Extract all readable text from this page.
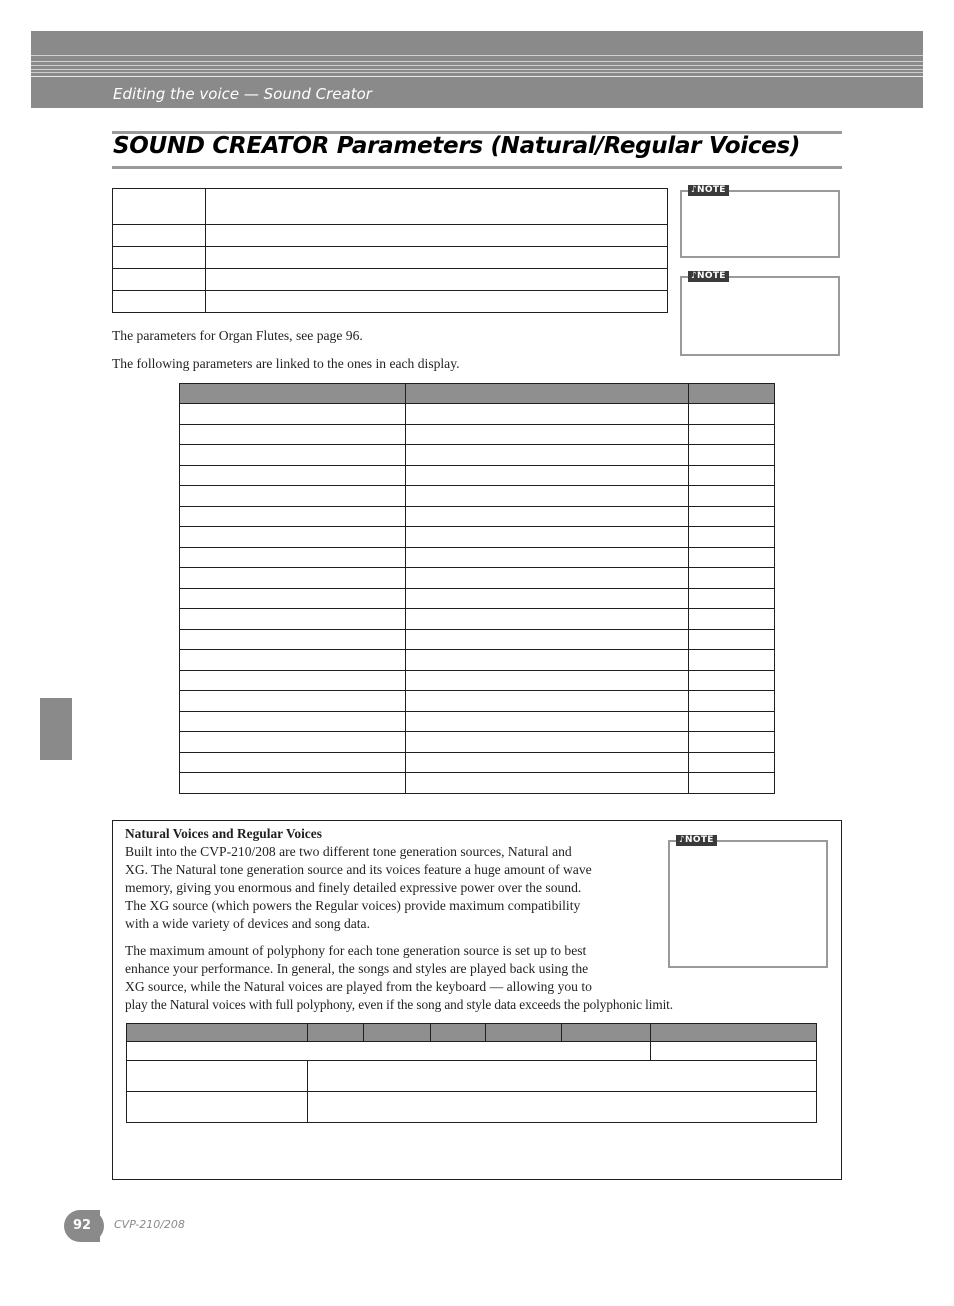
Editing the voice — Sound Creator
SOUND CREATOR Parameters (Natural/Regular Voices)

♪NOTE
♪NOTE
The parameters for Organ Flutes, see page 96.
The following parameters are linked to the ones in each display.

Natural Voices and Regular Voices
Built into the CVP-210/208 are two different tone generation sources, Natural and
XG. The Natural tone generation source and its voices feature a huge amount of wave
memory, giving you enormous and finely detailed expressive power over the sound.
The XG source (which powers the Regular voices) provide maximum compatibility
with a wide variety of devices and song data.
The maximum amount of polyphony for each tone generation source is set up to best
enhance your performance. In general, the songs and styles are played back using the
XG source, while the Natural voices are played from the keyboard — allowing you to
play the Natural voices with full polyphony, even if the song and style data exceeds the polyphonic limit.
♪NOTE

92	CVP-210/208
